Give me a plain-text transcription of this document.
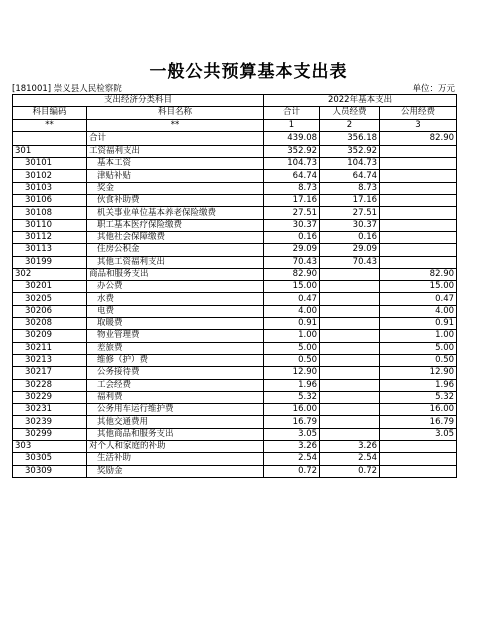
一般公共预算基本支出表
[181001] 崇义县人民检察院	单位：万元
支出经济分类科目		2022年基本支出		
科目编码	科目名称	合计	人员经费	公用经费
**	**	1	2	3
	合计	439.08	356.18	82.90
301	工资福利支出	352.92	352.92	
30101	基本工资	104.73	104.73	
30102	津贴补贴	64.74	64.74	
30103	奖金	8.73	8.73	
30106	伙食补助费	17.16	17.16	
30108	机关事业单位基本养老保险缴费	27.51	27.51	
30110	职工基本医疗保险缴费	30.37	30.37	
30112	其他社会保障缴费	0.16	0.16	
30113	住房公积金	29.09	29.09	
30199	其他工资福利支出	70.43	70.43	
302	商品和服务支出	82.90		82.90
30201	办公费	15.00		15.00
30205	水费	0.47		0.47
30206	电费	4.00		4.00
30208	取暖费	0.91		0.91
30209	物业管理费	1.00		1.00
30211	差旅费	5.00		5.00
30213	维修（护）费	0.50		0.50
30217	公务接待费	12.90		12.90
30228	工会经费	1.96		1.96
30229	福利费	5.32		5.32
30231	公务用车运行维护费	16.00		16.00
30239	其他交通费用	16.79		16.79
30299	其他商品和服务支出	3.05		3.05
303	对个人和家庭的补助	3.26	3.26	
30305	生活补助	2.54	2.54	
30309	奖励金	0.72	0.72	
